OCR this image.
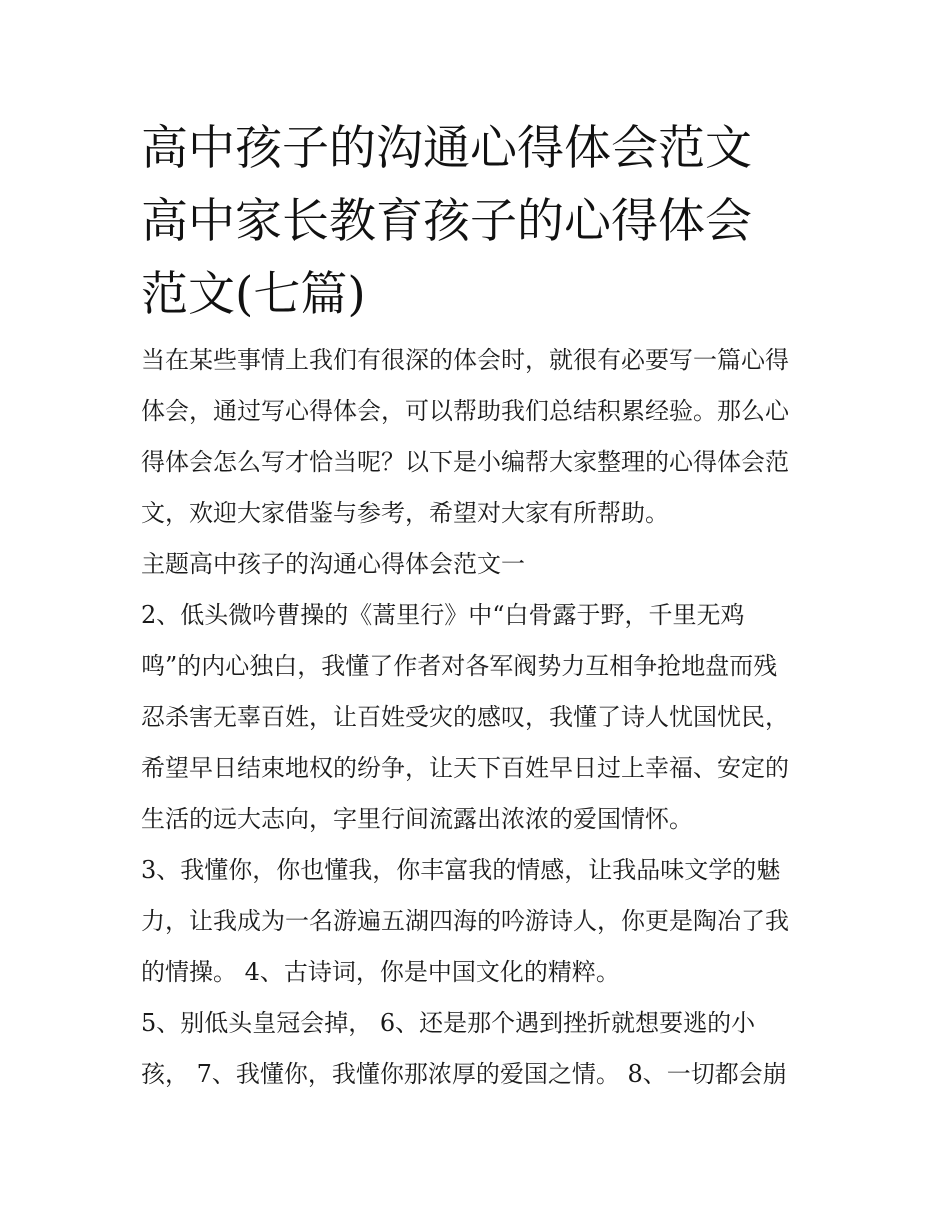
高中孩子的沟通心得体会范文
高中家长教育孩子的心得体会
范文(七篇)

当在某些事情上我们有很深的体会时，就很有必要写一篇心得
体会，通过写心得体会，可以帮助我们总结积累经验。那么心
得体会怎么写才恰当呢？以下是小编帮大家整理的心得体会范
文，欢迎大家借鉴与参考，希望对大家有所帮助。

主题高中孩子的沟通心得体会范文一

2、低头微吟曹操的《蒿里行》中“白骨露于野，千里无鸡
鸣”的内心独白，我懂了作者对各军阀势力互相争抢地盘而残
忍杀害无辜百姓，让百姓受灾的感叹，我懂了诗人忧国忧民，
希望早日结束地权的纷争，让天下百姓早日过上幸福、安定的
生活的远大志向，字里行间流露出浓浓的爱国情怀。

3、我懂你，你也懂我，你丰富我的情感，让我品味文学的魅
力，让我成为一名游遍五湖四海的吟游诗人，你更是陶冶了我
的情操。 4、古诗词，你是中国文化的精粹。

5、别低头皇冠会掉， 6、还是那个遇到挫折就想要逃的小
孩， 7、我懂你，我懂你那浓厚的爱国之情。 8、一切都会崩
